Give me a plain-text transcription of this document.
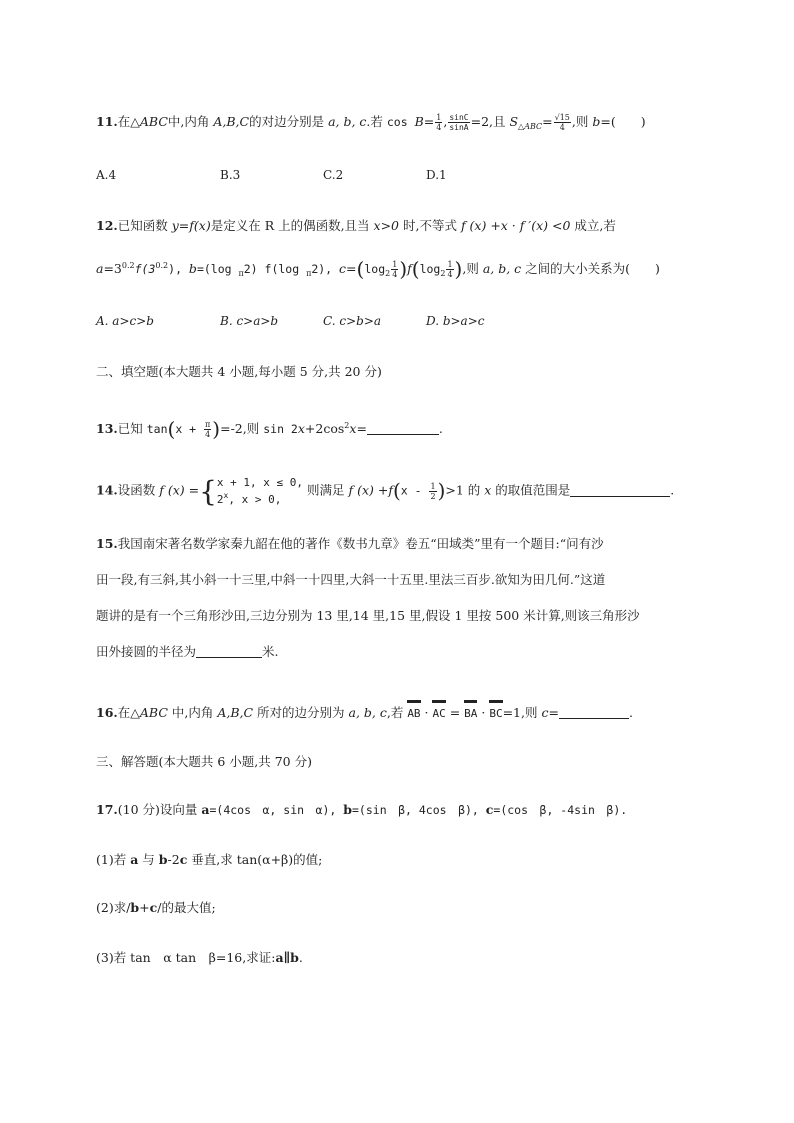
11.在△ABC中,内角 A,B,C的对边分别是 a, b, c.若 $\cos B= \frac{1}{4}$ , $\frac{\sin C}{\sin A} =2$,且 $S_{\triangle ABC}= \frac{√15}{4}$ ,则 b=(　　)
A.4	B.3	C.2	D.1
12.已知函数 y=f(x)是定义在 R 上的偶函数,且当 x>0 时,不等式 f (x) +x · f ′(x) <0 成立,若
$a=3^{0.2}f(3^{0.2})$, b=(log $_\pi$2) f(log $_\pi$2), $c=(\log_2 \frac{1}{4} )f(\log_2 \frac{1}{4}$ ),则 a, b, c 之间的大小关系为(　　)
A. a>c>b	B. c>a>b	C. c>b>a	D. b>a>c
二、填空题(本大题共 4 小题,每小题 5 分,共 20 分)
13.已知 $\tan(x + \frac{\pi}{4} )=-2$,则 $\sin 2x+2\cos^2x=$	.
14.设函数 f (x) ={ x + 1, x ≤ 0,
2$^x$, x > 0,
则满足 f $(x) +f(x - \frac{1}{2} )>1$ 的 x 的取值范围是	.
15.我国南宋著名数学家秦九韶在他的著作《数书九章》卷五“田域类”里有一个题目:“问有沙
田一段,有三斜,其小斜一十三里,中斜一十四里,大斜一十五里.里法三百步.欲知为田几何.”这道
题讲的是有一个三角形沙田,三边分别为 13 里,14 里,15 里,假设 1 里按 500 米计算,则该三角形沙
田外接圆的半径为	米.
16.在△ABC 中,内角 A,B,C 所对的边分别为 a, b, c,若 AB · AC = BA · BC=1,则 c=	.
三、解答题(本大题共 6 小题,共 70 分)
17.(10 分)设向量 a=(4cos　α, sin　α), b=(sin　β, 4cos　β), c=(cos　β, -4sin　β).
(1)若 a 与 b-2c 垂直,求 tan(α+β)的值;
(2)求/b+c/的最大值;
(3)若 tan　α tan　β=16,求证:a∥b.
